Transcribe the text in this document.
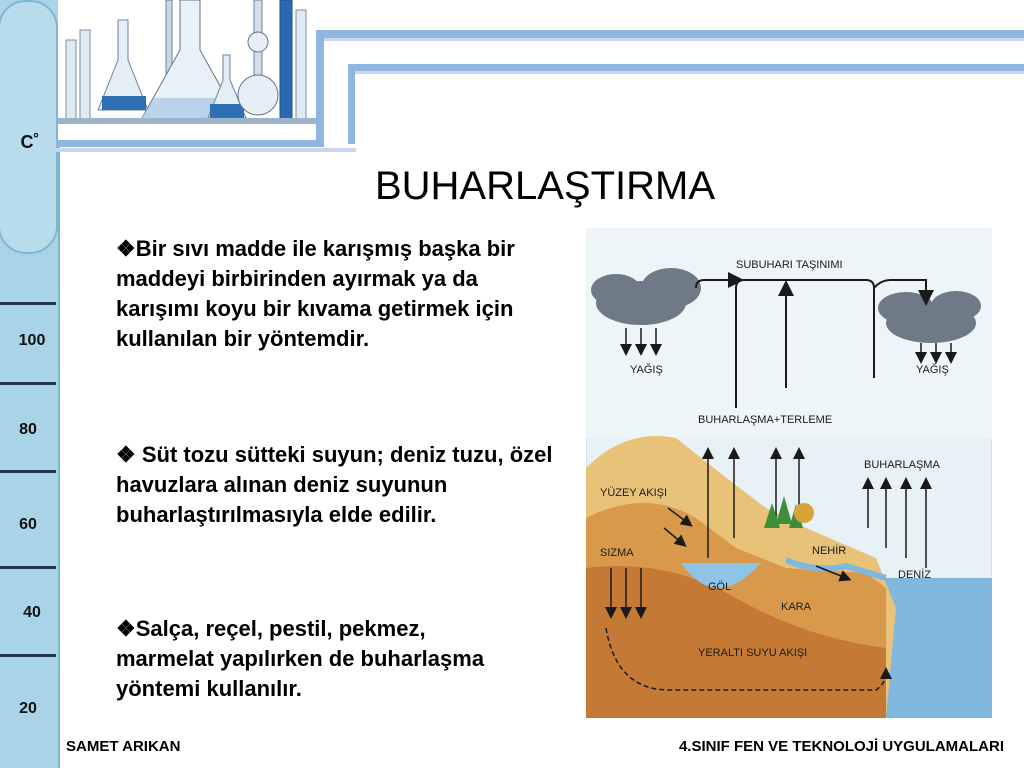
C˚
100
80
60
40
20
BUHARLAŞTIRMA
❖Bir sıvı madde ile karışmış başka bir maddeyi birbirinden ayırmak ya da karışımı koyu bir kıvama getirmek için kullanılan bir yöntemdir.
❖ Süt tozu sütteki suyun; deniz tuzu, özel havuzlara alınan deniz suyunun buharlaştırılmasıyla elde edilir.
❖Salça, reçel, pestil, pekmez, marmelat yapılırken de buharlaşma yöntemi kullanılır.
SUBUHARI TAŞINIMI
YAĞIŞ	YAĞIŞ
BUHARLAŞMA+TERLEME
BUHARLAŞMA
YÜZEY AKIŞI
SIZMA	NEHİR
GÖL
DENİZ
KARA
YERALTI SUYU AKIŞI
SAMET ARIKAN	4.SINIF FEN VE TEKNOLOJİ UYGULAMALARI
